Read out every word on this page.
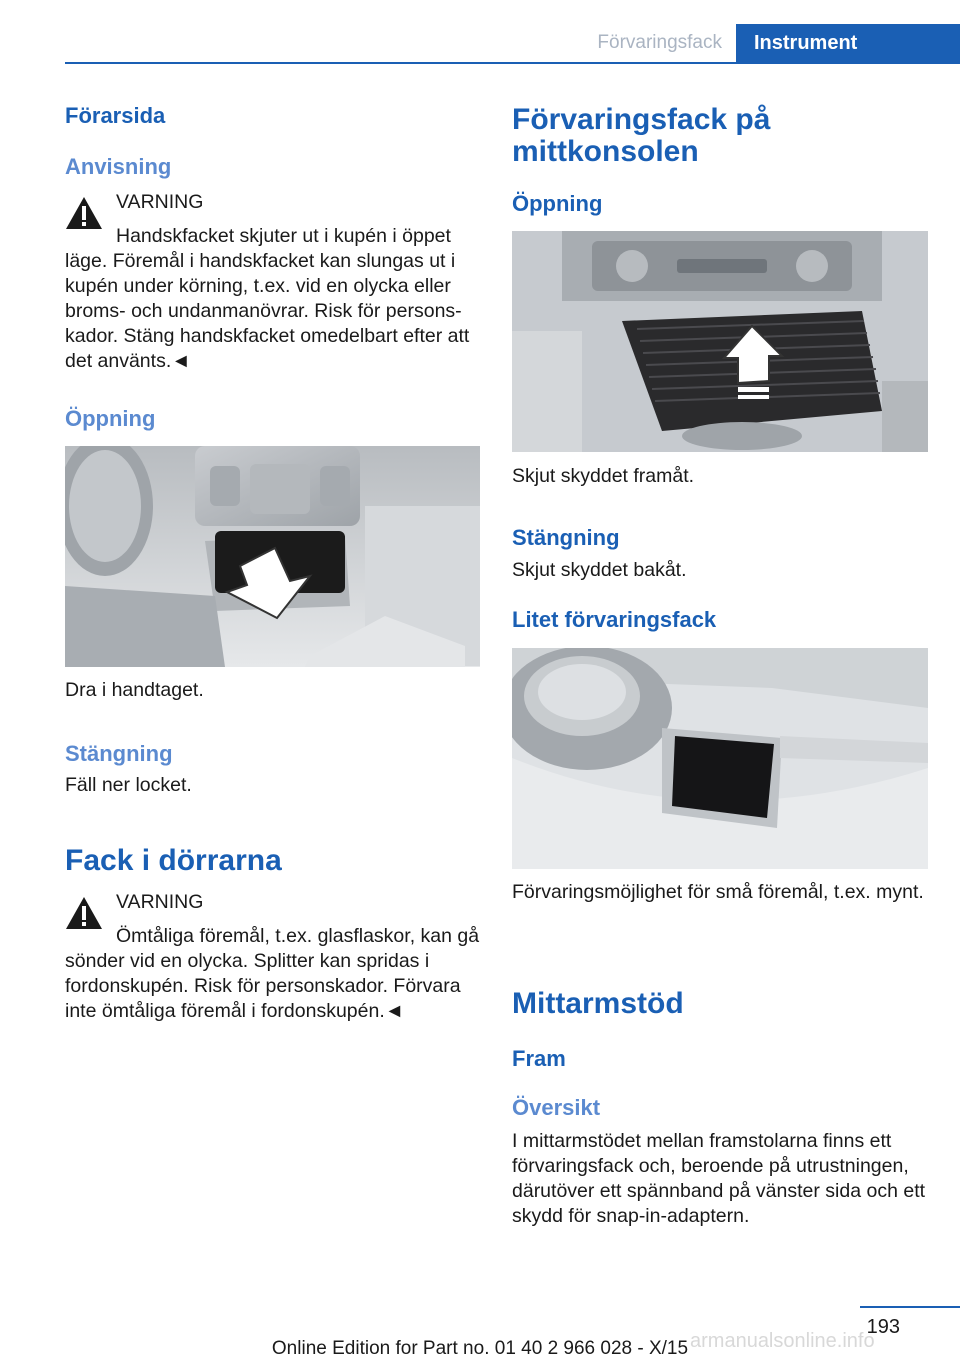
Förvaringsfack	Instrument
Förarsida
Anvisning
VARNING
Handskfacket skjuter ut i kupén i öppet läge. Föremål i handskfacket kan slungas ut i kupén under körning, t.ex. vid en olycka eller broms- och undanmanövrar. Risk för personskador. Stäng handskfacket omedelbart efter att det använts.◄
Öppning
Dra i handtaget.
Stängning
Fäll ner locket.
Fack i dörrarna
VARNING
Ömtåliga föremål, t.ex. glasflaskor, kan gå sönder vid en olycka. Splitter kan spridas i fordonskupén. Risk för personskador. Förvara inte ömtåliga föremål i fordonskupén.◄
Förvaringsfack på mittkonsolen
Öppning
Skjut skyddet framåt.
Stängning
Skjut skyddet bakåt.
Litet förvaringsfack
Förvaringsmöjlighet för små föremål, t.ex. mynt.
Mittarmstöd
Fram
Översikt
I mittarmstödet mellan framstolarna finns ett förvaringsfack och, beroende på utrustningen, därutöver ett spännband på vänster sida och ett skydd för snap-in-adaptern.
193
Online Edition for Part no. 01 40 2 966 028 - X/15 armanualsonline.info
